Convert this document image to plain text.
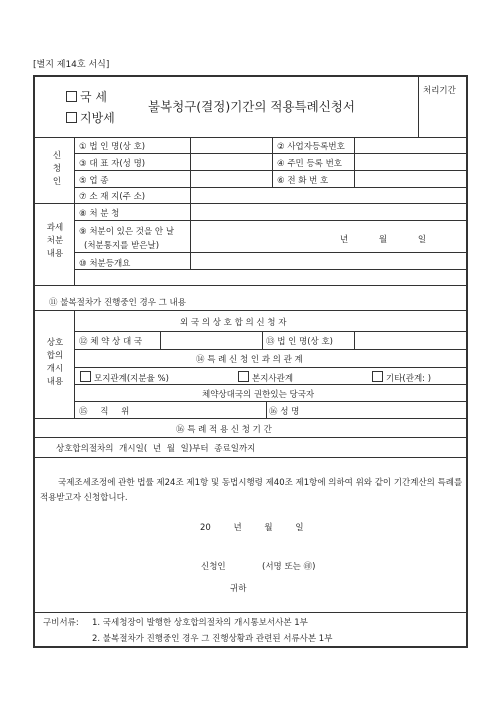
[별지 제14호 서식]
국 세
지방세
불복청구(결정)기간의 적용특례신청서
처리기간
신청인
① 법 인 명(상 호)	② 사업자등록번호
③ 대 표 자(성 명)	④ 주민 등록 번호
⑤ 업 종	⑥ 전 화 번 호
⑦ 소 재 지(주 소)
과세처분내용
⑧ 처 분 청
⑨ 처분이 있은 것을 안 날
(처분통지를 받은날)
년 월 일
⑩ 처분등개요
⑪ 불복절차가 진행중인 경우 그 내용
상호합의개시내용
외 국 의 상 호 합 의 신 청 자
⑫ 체 약 상 대 국	⑬ 법 인 명(상 호)
⑭ 특 례 신 청 인 과 의 관 계
모지관계(지분율 %)	본지사관계	기타(관계: )
체약상대국의 권한있는 당국자
⑮ 직 위	⑯ 성 명
⑯ 특 례 적 용 신 청 기 간
상호합의절차의 개시일( 년 월 일)부터 종료일까지
국제조세조정에 관한 법률 제24조 제1항 및 동법시행령 제40조 제1항에 의하여 위와 같이 기간계산의 특례를 적용받고자 신청합니다.
20 년 월 일
신청인	(서명 또는 ㊞)
귀하
구비서류: 1. 국세청장이 발행한 상호합의절차의 개시통보서사본 1부
2. 불복절차가 진행중인 경우 그 진행상황과 관련된 서류사본 1부
